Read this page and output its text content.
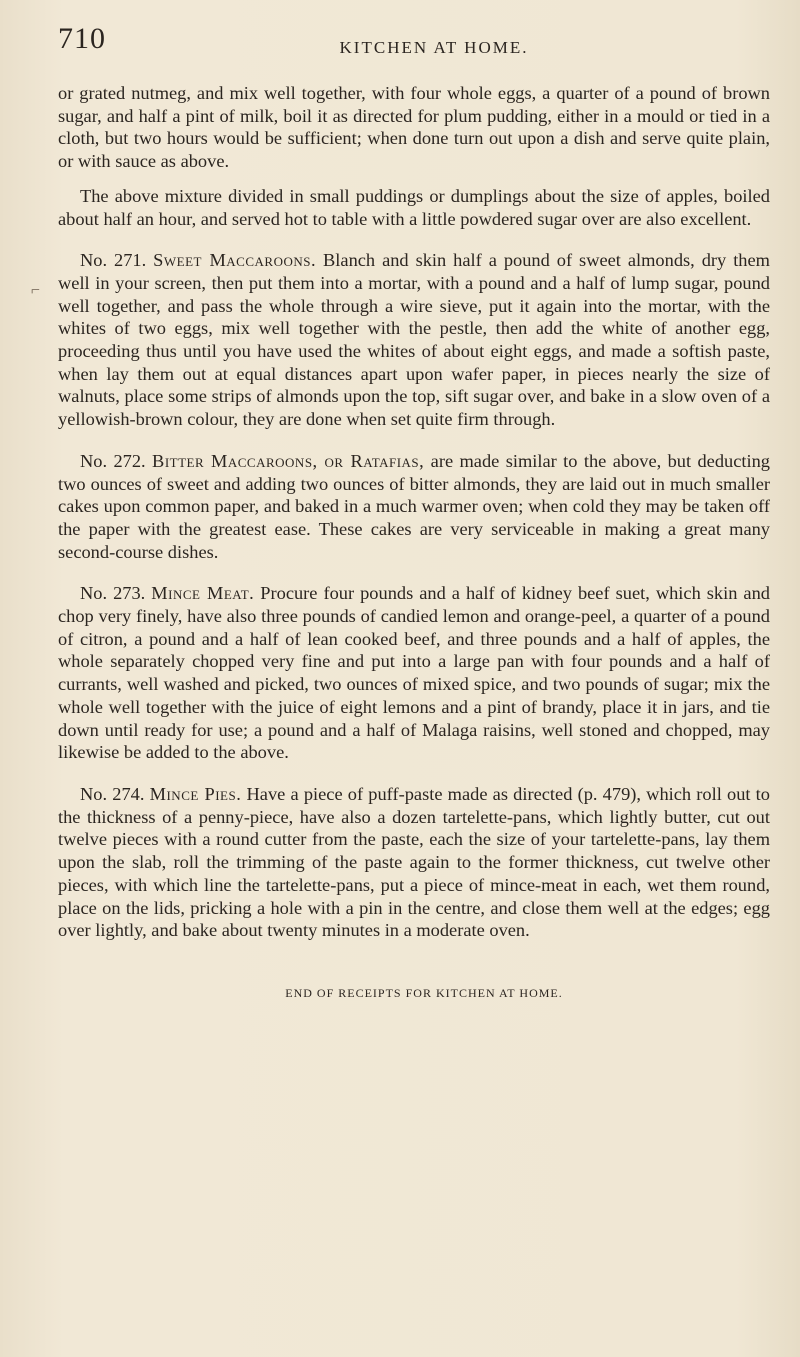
710	KITCHEN AT HOME.
⌐

or grated nutmeg, and mix well together, with four whole eggs, a quarter of a pound of brown sugar, and half a pint of milk, boil it as directed for plum pudding, either in a mould or tied in a cloth, but two hours would be sufficient; when done turn out upon a dish and serve quite plain, or with sauce as above.

The above mixture divided in small puddings or dumplings about the size of apples, boiled about half an hour, and served hot to table with a little powdered sugar over are also excellent.

No. 271. Sweet Maccaroons. Blanch and skin half a pound of sweet almonds, dry them well in your screen, then put them into a mortar, with a pound and a half of lump sugar, pound well together, and pass the whole through a wire sieve, put it again into the mortar, with the whites of two eggs, mix well together with the pestle, then add the white of another egg, proceeding thus until you have used the whites of about eight eggs, and made a softish paste, when lay them out at equal distances apart upon wafer paper, in pieces nearly the size of walnuts, place some strips of almonds upon the top, sift sugar over, and bake in a slow oven of a yellowish-brown colour, they are done when set quite firm through.

No. 272. Bitter Maccaroons, or Ratafias, are made similar to the above, but deducting two ounces of sweet and adding two ounces of bitter almonds, they are laid out in much smaller cakes upon common paper, and baked in a much warmer oven; when cold they may be taken off the paper with the greatest ease. These cakes are very serviceable in making a great many second-course dishes.

No. 273. Mince Meat. Procure four pounds and a half of kidney beef suet, which skin and chop very finely, have also three pounds of candied lemon and orange-peel, a quarter of a pound of citron, a pound and a half of lean cooked beef, and three pounds and a half of apples, the whole separately chopped very fine and put into a large pan with four pounds and a half of currants, well washed and picked, two ounces of mixed spice, and two pounds of sugar; mix the whole well together with the juice of eight lemons and a pint of brandy, place it in jars, and tie down until ready for use; a pound and a half of Malaga raisins, well stoned and chopped, may likewise be added to the above.

No. 274. Mince Pies. Have a piece of puff-paste made as directed (p. 479), which roll out to the thickness of a penny-piece, have also a dozen tartelette-pans, which lightly butter, cut out twelve pieces with a round cutter from the paste, each the size of your tartelette-pans, lay them upon the slab, roll the trimming of the paste again to the former thickness, cut twelve other pieces, with which line the tartelette-pans, put a piece of mince-meat in each, wet them round, place on the lids, pricking a hole with a pin in the centre, and close them well at the edges; egg over lightly, and bake about twenty minutes in a moderate oven.

END OF RECEIPTS FOR KITCHEN AT HOME.
